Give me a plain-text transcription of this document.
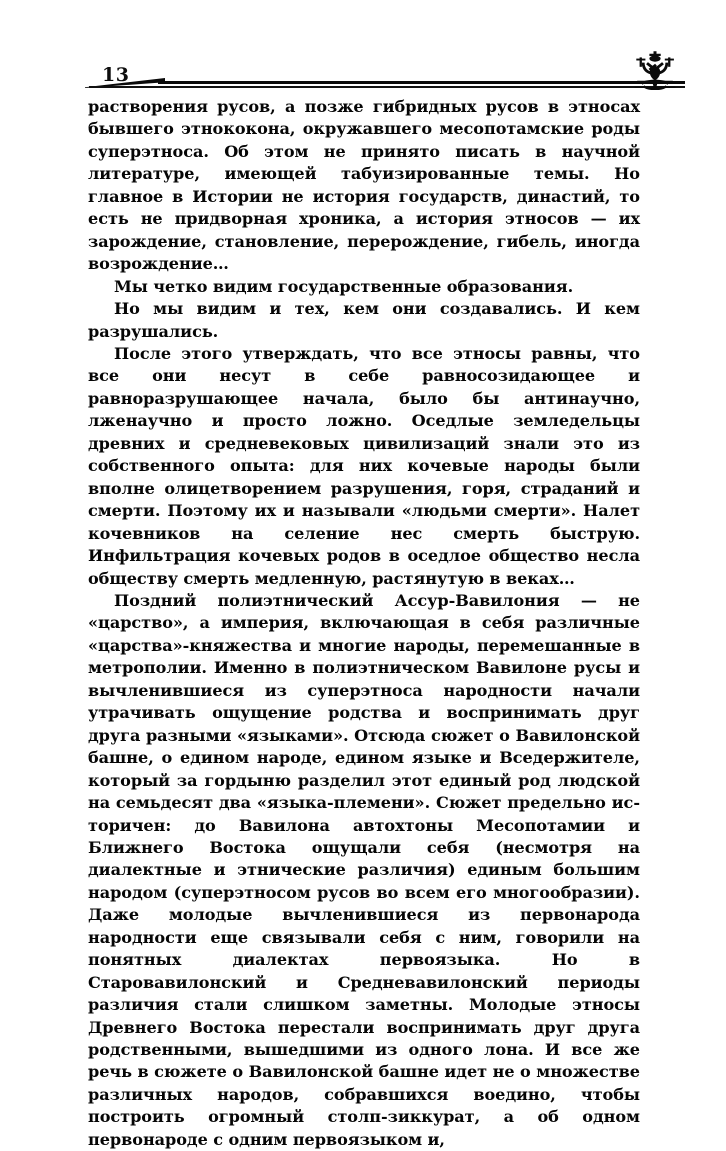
13

растворения русов, а позже гибридных русов в этносах бывшего этнококона, окружавшего месопотамские роды суперэтноса. Об этом не принято писать в научной литературе, имеющей табуизированные темы. Но главное в Истории не история государств, династий, то есть не придворная хроника, а история этносов — их зарождение, становление, перерождение, гибель, иногда возрождение…

Мы четко видим государственные образования.

Но мы видим и тех, кем они создавались. И кем разрушались.

После этого утверждать, что все этносы равны, что все они несут в себе равносозидающее и равноразрушающее начала, было бы антинаучно, лженаучно и просто ложно. Оседлые земледельцы древних и средневековых цивилизаций знали это из собственного опыта: для них кочевые народы были вполне олицетворением разрушения, горя, страданий и смерти. Поэтому их и называли «людьми смерти». Налет кочевников на селение нес смерть быструю. Инфильтрация кочевых родов в оседлое общество несла обществу смерть медленную, растянутую в веках…

Поздний полиэтнический Ассур-Вавилония — не «царство», а империя, включающая в себя различные «царства»-княжества и многие народы, перемешанные в метрополии. Именно в полиэтническом Вавилоне русы и вычленившиеся из суперэтноса народности начали утрачивать ощущение родства и воспринимать друг друга разными «языками». Отсюда сюжет о Вавилонской башне, о едином народе, едином языке и Вседержителе, который за гордыню разделил этот единый род людской на семьдесят два «языка-племени». Сюжет предельно историчен: до Вавилона автохтоны Месопотамии и Ближнего Востока ощущали себя (несмотря на диалектные и этнические различия) единым большим народом (суперэтносом русов во всем его многообразии). Даже молодые вычленившиеся из первонарода народности еще связывали себя с ним, говорили на понятных диалектах первоязыка. Но в Старовавилонский и Средневавилонский периоды различия стали слишком заметны. Молодые этносы Древнего Востока перестали воспринимать друг друга родственными, вышедшими из одного лона. И все же речь в сюжете о Вавилонской башне идет не о множестве различных народов, собравшихся воедино, чтобы построить огромный столп-зиккурат, а об одном первонароде с одним первоязыком и,
